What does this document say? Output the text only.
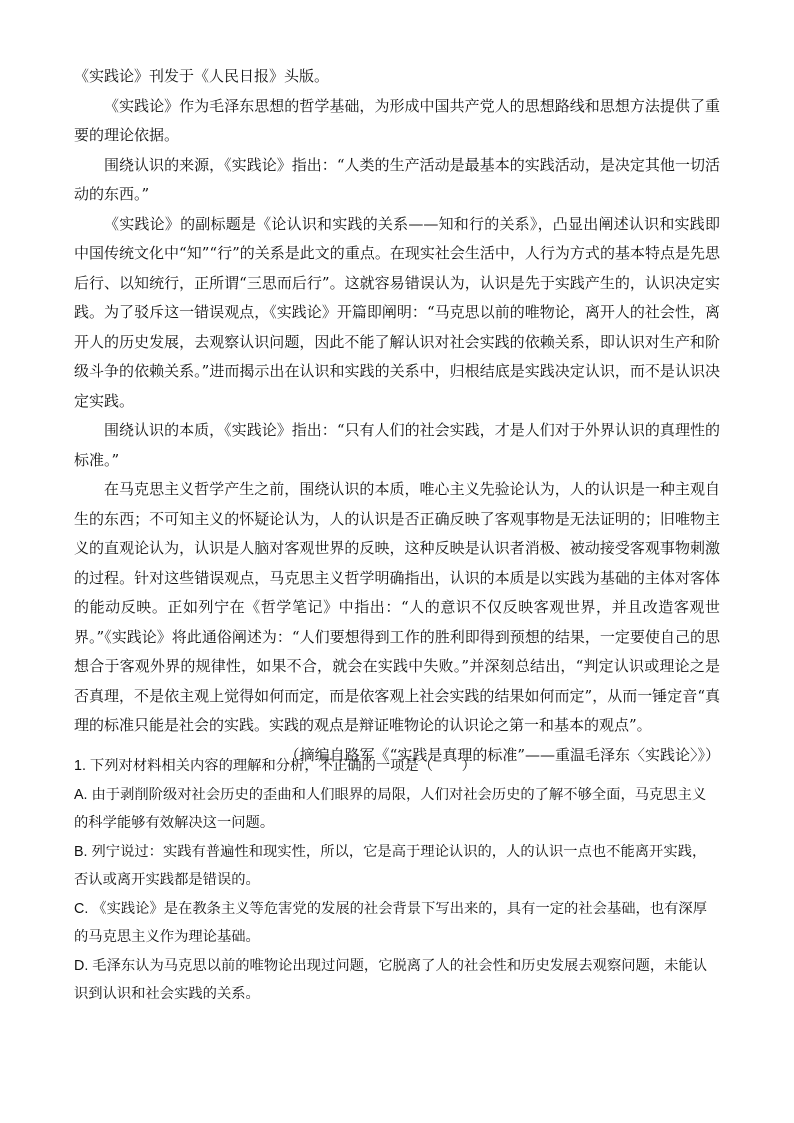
《实践论》刊发于《人民日报》头版。

《实践论》作为毛泽东思想的哲学基础，为形成中国共产党人的思想路线和思想方法提供了重要的理论依据。

围绕认识的来源，《实践论》指出：“人类的生产活动是最基本的实践活动，是决定其他一切活动的东西。”

《实践论》的副标题是《论认识和实践的关系——知和行的关系》，凸显出阐述认识和实践即中国传统文化中“知”“行”的关系是此文的重点。在现实社会生活中，人行为方式的基本特点是先思后行、以知统行，正所谓“三思而后行”。这就容易错误认为，认识是先于实践产生的，认识决定实践。为了驳斥这一错误观点，《实践论》开篇即阐明：“马克思以前的唯物论，离开人的社会性，离开人的历史发展，去观察认识问题，因此不能了解认识对社会实践的依赖关系，即认识对生产和阶级斗争的依赖关系。”进而揭示出在认识和实践的关系中，归根结底是实践决定认识，而不是认识决定实践。

围绕认识的本质，《实践论》指出：“只有人们的社会实践，才是人们对于外界认识的真理性的标准。”

在马克思主义哲学产生之前，围绕认识的本质，唯心主义先验论认为，人的认识是一种主观自生的东西；不可知主义的怀疑论认为，人的认识是否正确反映了客观事物是无法证明的；旧唯物主义的直观论认为，认识是人脑对客观世界的反映，这种反映是认识者消极、被动接受客观事物刺激的过程。针对这些错误观点，马克思主义哲学明确指出，认识的本质是以实践为基础的主体对客体的能动反映。正如列宁在《哲学笔记》中指出：“人的意识不仅反映客观世界，并且改造客观世界。”《实践论》将此通俗阐述为：“人们要想得到工作的胜利即得到预想的结果，一定要使自己的思想合于客观外界的规律性，如果不合，就会在实践中失败。”并深刻总结出，“判定认识或理论之是否真理，不是依主观上觉得如何而定，而是依客观上社会实践的结果如何而定”，从而一锤定音“真理的标准只能是社会的实践。实践的观点是辩证唯物论的认识论之第一和基本的观点”。

（摘编自路军《“实践是真理的标准”——重温毛泽东〈实践论〉》）

1. 下列对材料相关内容的理解和分析，不正确的一项是（　　）

A. 由于剥削阶级对社会历史的歪曲和人们眼界的局限，人们对社会历史的了解不够全面，马克思主义的科学能够有效解决这一问题。

B. 列宁说过：实践有普遍性和现实性，所以，它是高于理论认识的，人的认识一点也不能离开实践，否认或离开实践都是错误的。

C. 《实践论》是在教条主义等危害党的发展的社会背景下写出来的，具有一定的社会基础，也有深厚的马克思主义作为理论基础。

D. 毛泽东认为马克思以前的唯物论出现过问题，它脱离了人的社会性和历史发展去观察问题，未能认识到认识和社会实践的关系。
